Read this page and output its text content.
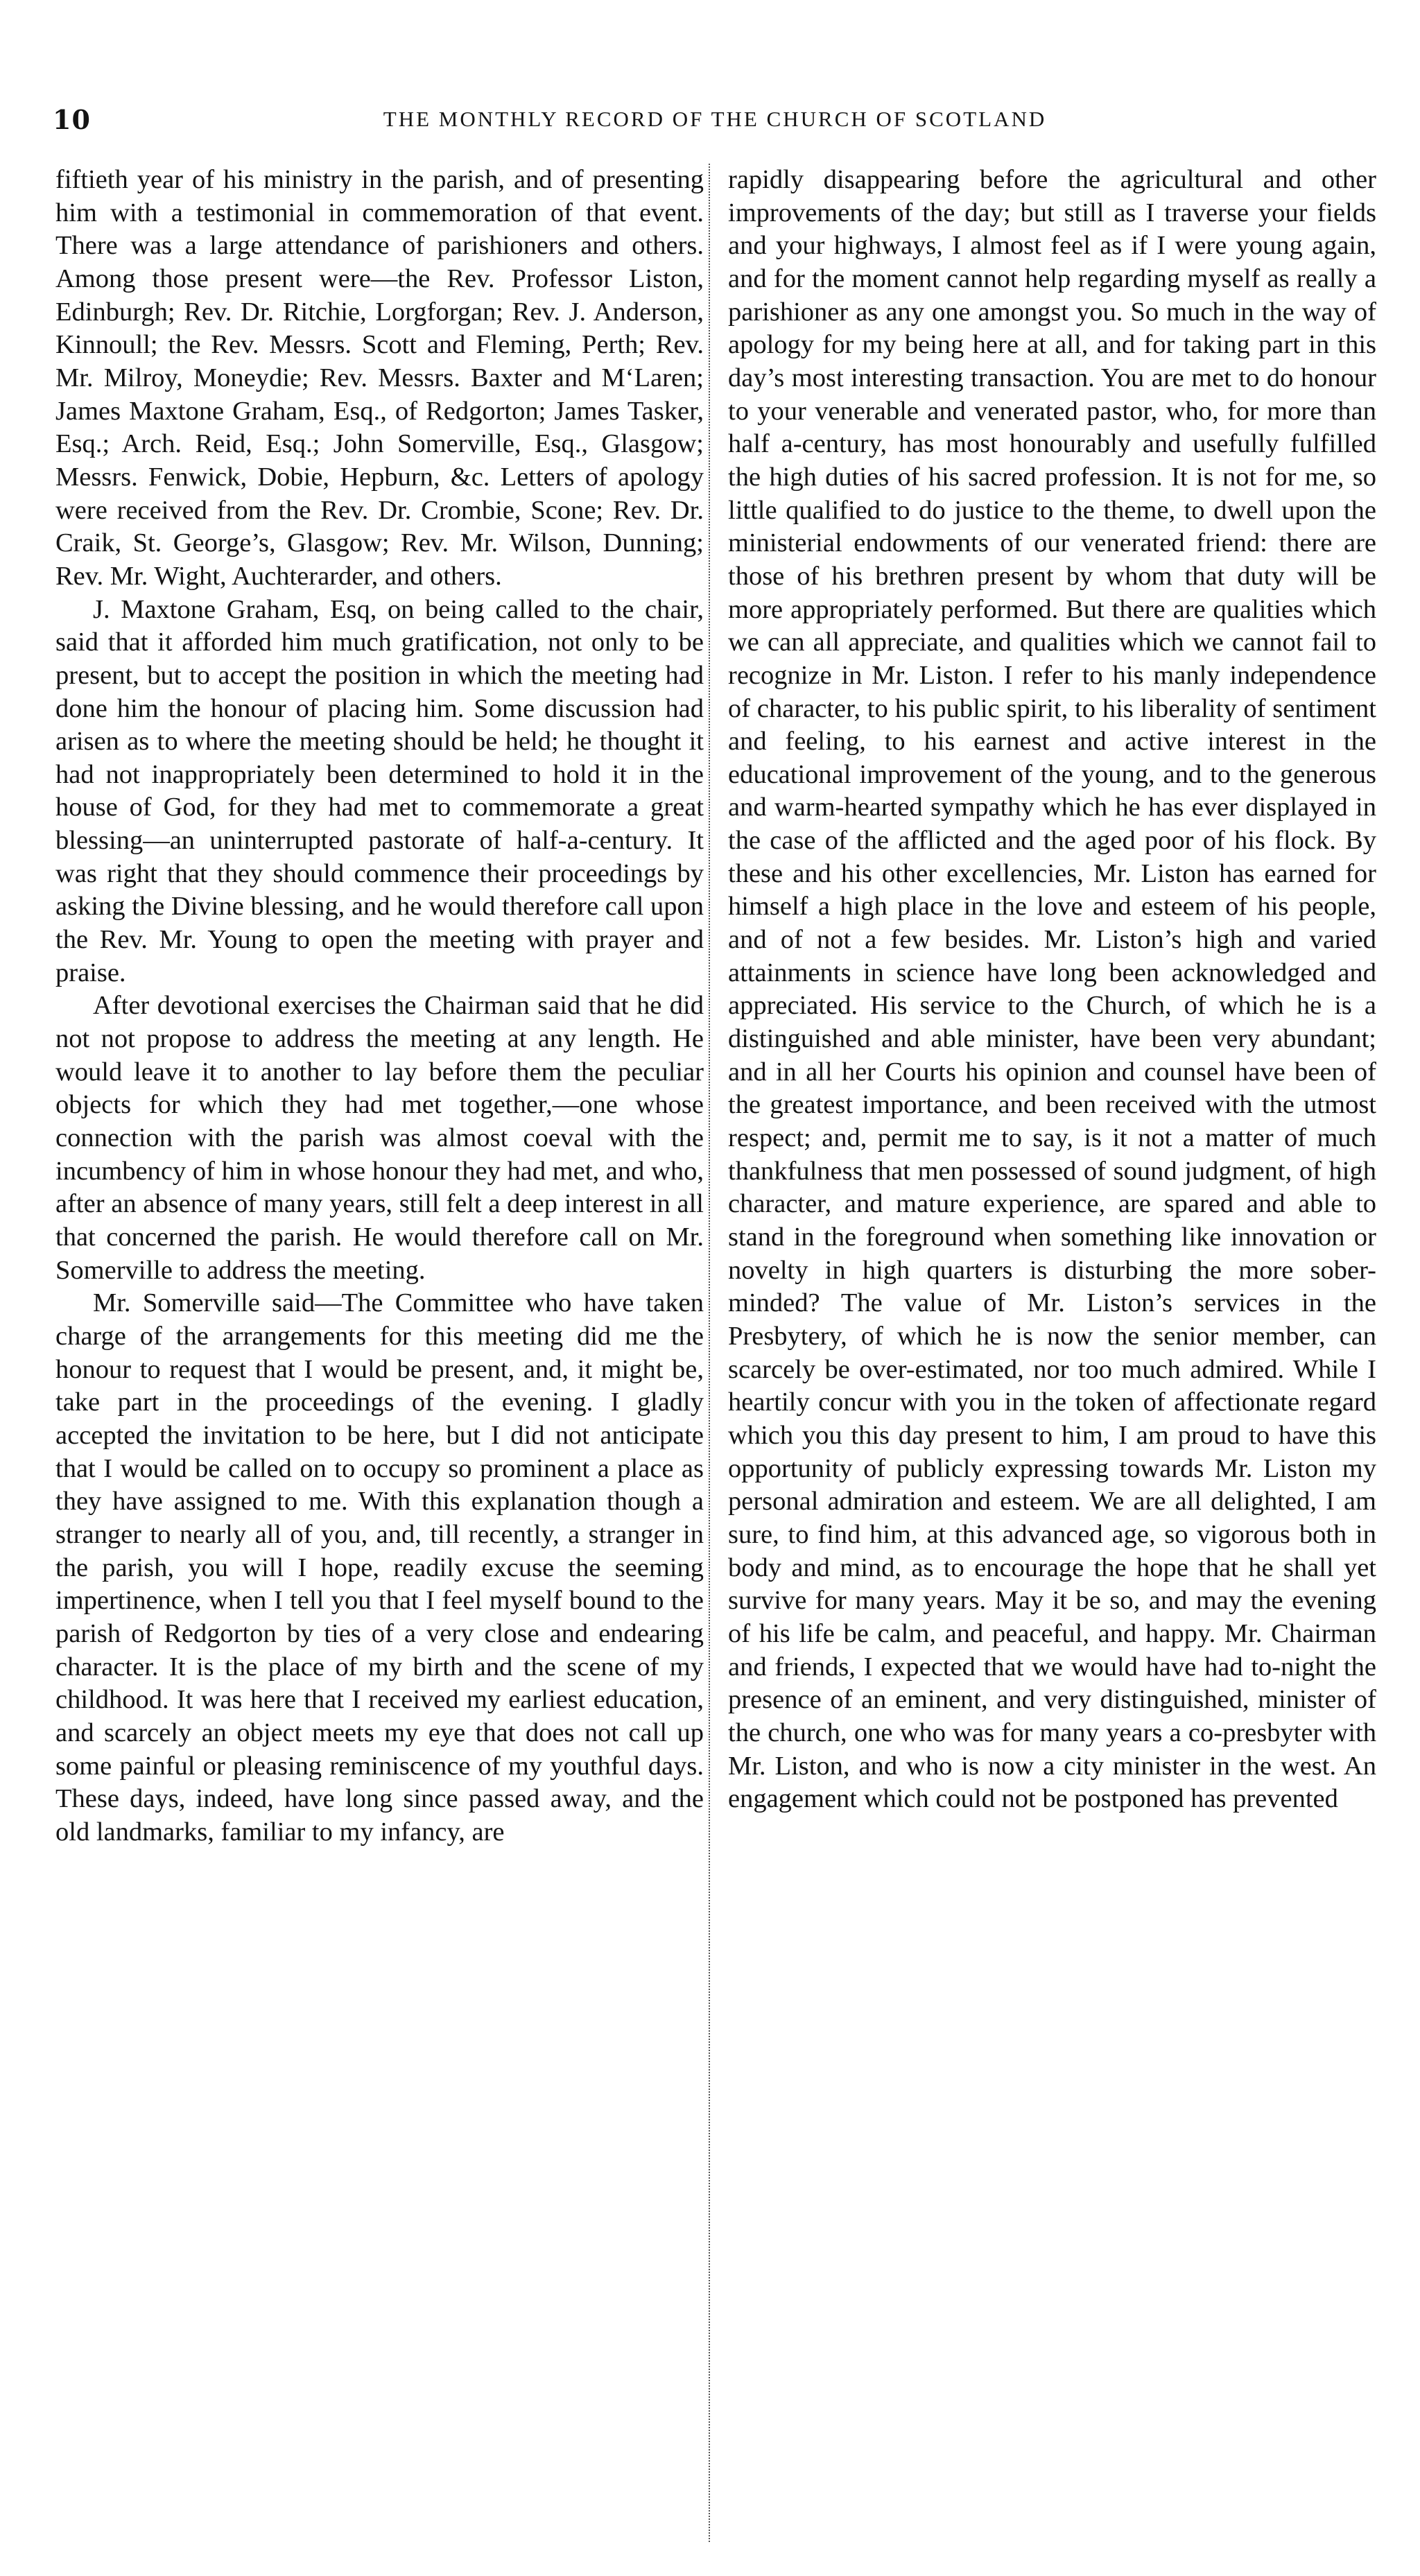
10	THE MONTHLY RECORD OF THE CHURCH OF SCOTLAND

fiftieth year of his ministry in the parish, and of presenting him with a testimonial in commemoration of that event. There was a large attendance of parishioners and others. Among those present were—the Rev. Professor Liston, Edinburgh; Rev. Dr. Ritchie, Lorgforgan; Rev. J. Anderson, Kinnoull; the Rev. Messrs. Scott and Fleming, Perth; Rev. Mr. Milroy, Moneydie; Rev. Messrs. Baxter and M‘Laren; James Maxtone Graham, Esq., of Redgorton; James Tasker, Esq.; Arch. Reid, Esq.; John Somerville, Esq., Glasgow; Messrs. Fenwick, Dobie, Hepburn, &c. Letters of apology were received from the Rev. Dr. Crombie, Scone; Rev. Dr. Craik, St. George’s, Glasgow; Rev. Mr. Wilson, Dunning; Rev. Mr. Wight, Auchterarder, and others.

J. Maxtone Graham, Esq, on being called to the chair, said that it afforded him much gratification, not only to be present, but to accept the position in which the meeting had done him the honour of placing him. Some discussion had arisen as to where the meeting should be held; he thought it had not inappropriately been determined to hold it in the house of God, for they had met to commemorate a great blessing—an uninterrupted pastorate of half-a-century. It was right that they should commence their proceedings by asking the Divine blessing, and he would therefore call upon the Rev. Mr. Young to open the meeting with prayer and praise.

After devotional exercises the Chairman said that he did not not propose to address the meeting at any length. He would leave it to another to lay before them the peculiar objects for which they had met together,—one whose connection with the parish was almost coeval with the incumbency of him in whose honour they had met, and who, after an absence of many years, still felt a deep interest in all that concerned the parish. He would therefore call on Mr. Somerville to address the meeting.

Mr. Somerville said—The Committee who have taken charge of the arrangements for this meeting did me the honour to request that I would be present, and, it might be, take part in the proceedings of the evening. I gladly accepted the invitation to be here, but I did not anticipate that I would be called on to occupy so prominent a place as they have assigned to me. With this explanation though a stranger to nearly all of you, and, till recently, a stranger in the parish, you will I hope, readily excuse the seeming impertinence, when I tell you that I feel myself bound to the parish of Redgorton by ties of a very close and endearing character. It is the place of my birth and the scene of my childhood. It was here that I received my earliest education, and scarcely an object meets my eye that does not call up some painful or pleasing reminiscence of my youthful days. These days, indeed, have long since passed away, and the old landmarks, familiar to my infancy, are

rapidly disappearing before the agricultural and other improvements of the day; but still as I traverse your fields and your highways, I almost feel as if I were young again, and for the moment cannot help regarding myself as really a parishioner as any one amongst you. So much in the way of apology for my being here at all, and for taking part in this day’s most interesting transaction. You are met to do honour to your venerable and venerated pastor, who, for more than half a-century, has most honourably and usefully fulfilled the high duties of his sacred profession. It is not for me, so little qualified to do justice to the theme, to dwell upon the ministerial endowments of our venerated friend: there are those of his brethren present by whom that duty will be more appropriately performed. But there are qualities which we can all appreciate, and qualities which we cannot fail to recognize in Mr. Liston. I refer to his manly independence of character, to his public spirit, to his liberality of sentiment and feeling, to his earnest and active interest in the educational improvement of the young, and to the generous and warm-hearted sympathy which he has ever displayed in the case of the afflicted and the aged poor of his flock. By these and his other excellencies, Mr. Liston has earned for himself a high place in the love and esteem of his people, and of not a few besides. Mr. Liston’s high and varied attainments in science have long been acknowledged and appreciated. His service to the Church, of which he is a distinguished and able minister, have been very abundant; and in all her Courts his opinion and counsel have been of the greatest importance, and been received with the utmost respect; and, permit me to say, is it not a matter of much thankfulness that men possessed of sound judgment, of high character, and mature experience, are spared and able to stand in the foreground when something like innovation or novelty in high quarters is disturbing the more sober-minded? The value of Mr. Liston’s services in the Presbytery, of which he is now the senior member, can scarcely be over-estimated, nor too much admired. While I heartily concur with you in the token of affectionate regard which you this day present to him, I am proud to have this opportunity of publicly expressing towards Mr. Liston my personal admiration and esteem. We are all delighted, I am sure, to find him, at this advanced age, so vigorous both in body and mind, as to encourage the hope that he shall yet survive for many years. May it be so, and may the evening of his life be calm, and peaceful, and happy. Mr. Chairman and friends, I expected that we would have had to-night the presence of an eminent, and very distinguished, minister of the church, one who was for many years a co-presbyter with Mr. Liston, and who is now a city minister in the west. An engagement which could not be postponed has prevented
